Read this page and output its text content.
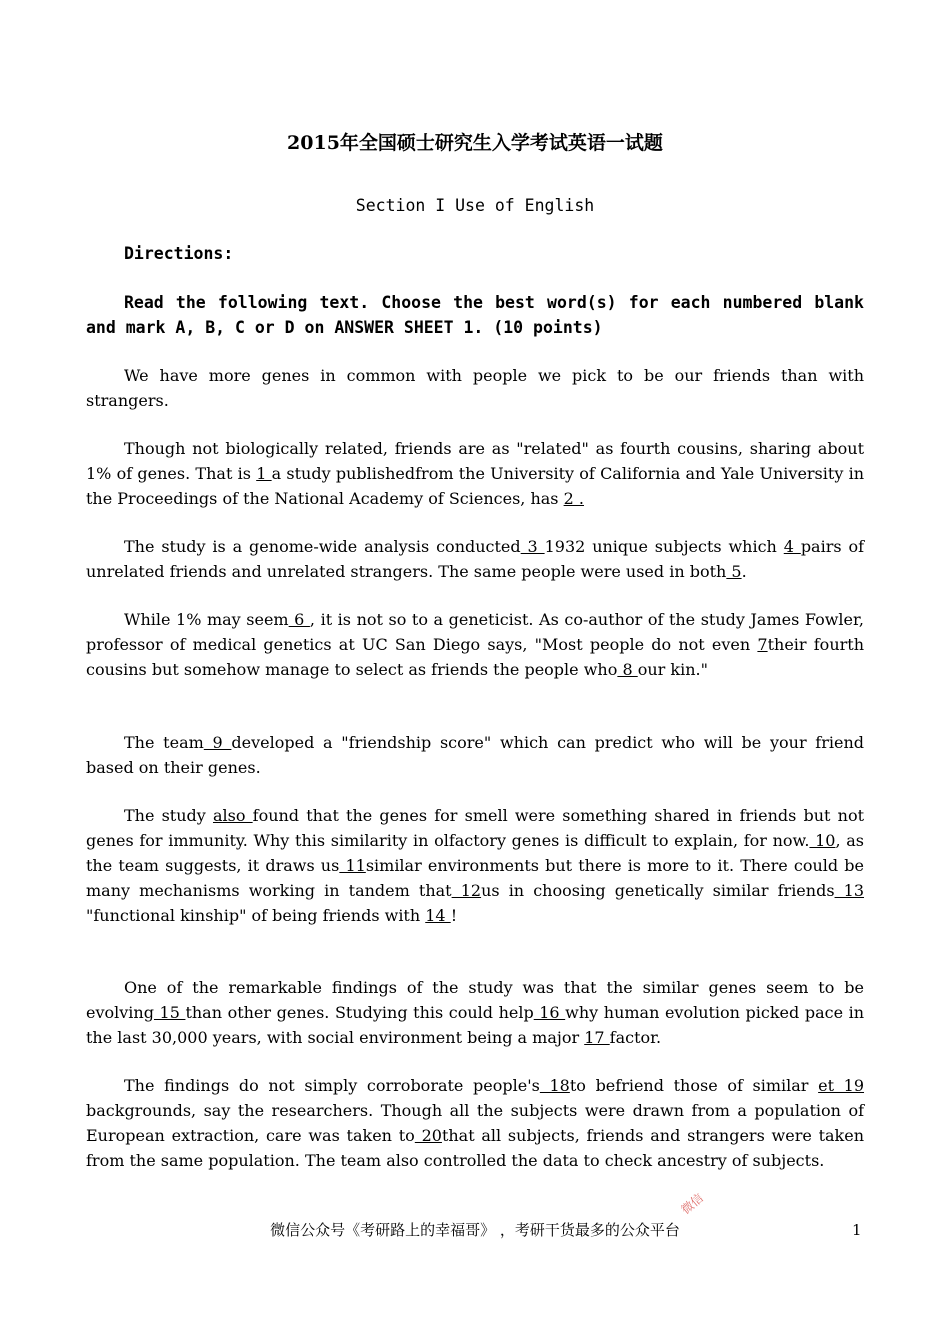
2015年全国硕士研究生入学考试英语一试题
Section I Use of English
Directions:
Read the following text. Choose the best word(s) for each numbered blank and mark A, B, C or D on ANSWER SHEET 1. (10 points)
We have more genes in common with people we pick to be our friends than with strangers.
Though not biologically related, friends are as "related" as fourth cousins, sharing about 1% of genes. That is 1 a study publishedfrom the University of California and Yale University in the Proceedings of the National Academy of Sciences, has 2 .
The study is a genome-wide analysis conducted 3 1932 unique subjects which 4 pairs of unrelated friends and unrelated strangers. The same people were used in both 5.
While 1% may seem 6 , it is not so to a geneticist. As co-author of the study James Fowler, professor of medical genetics at UC San Diego says, "Most people do not even 7their fourth cousins but somehow manage to select as friends the people who 8 our kin."
The team 9 developed a "friendship score" which can predict who will be your friend based on their genes.
The study also found that the genes for smell were something shared in friends but not genes for immunity. Why this similarity in olfactory genes is difficult to explain, for now. 10, as the team suggests, it draws us 11similar environments but there is more to it. There could be many mechanisms working in tandem that 12us in choosing genetically similar friends 13 "functional kinship" of being friends with 14 !
One of the remarkable findings of the study was that the similar genes seem to be evolving 15 than other genes. Studying this could help 16 why human evolution picked pace in the last 30,000 years, with social environment being a major 17 factor.
The findings do not simply corroborate people's 18to befriend those of similar et 19 backgrounds, say the researchers. Though all the subjects were drawn from a population of European extraction, care was taken to 20that all subjects, friends and strangers were taken from the same population. The team also controlled the data to check ancestry of subjects.
微信公众号《考研路上的幸福哥》 ，考研干货最多的公众平台	1
微信
